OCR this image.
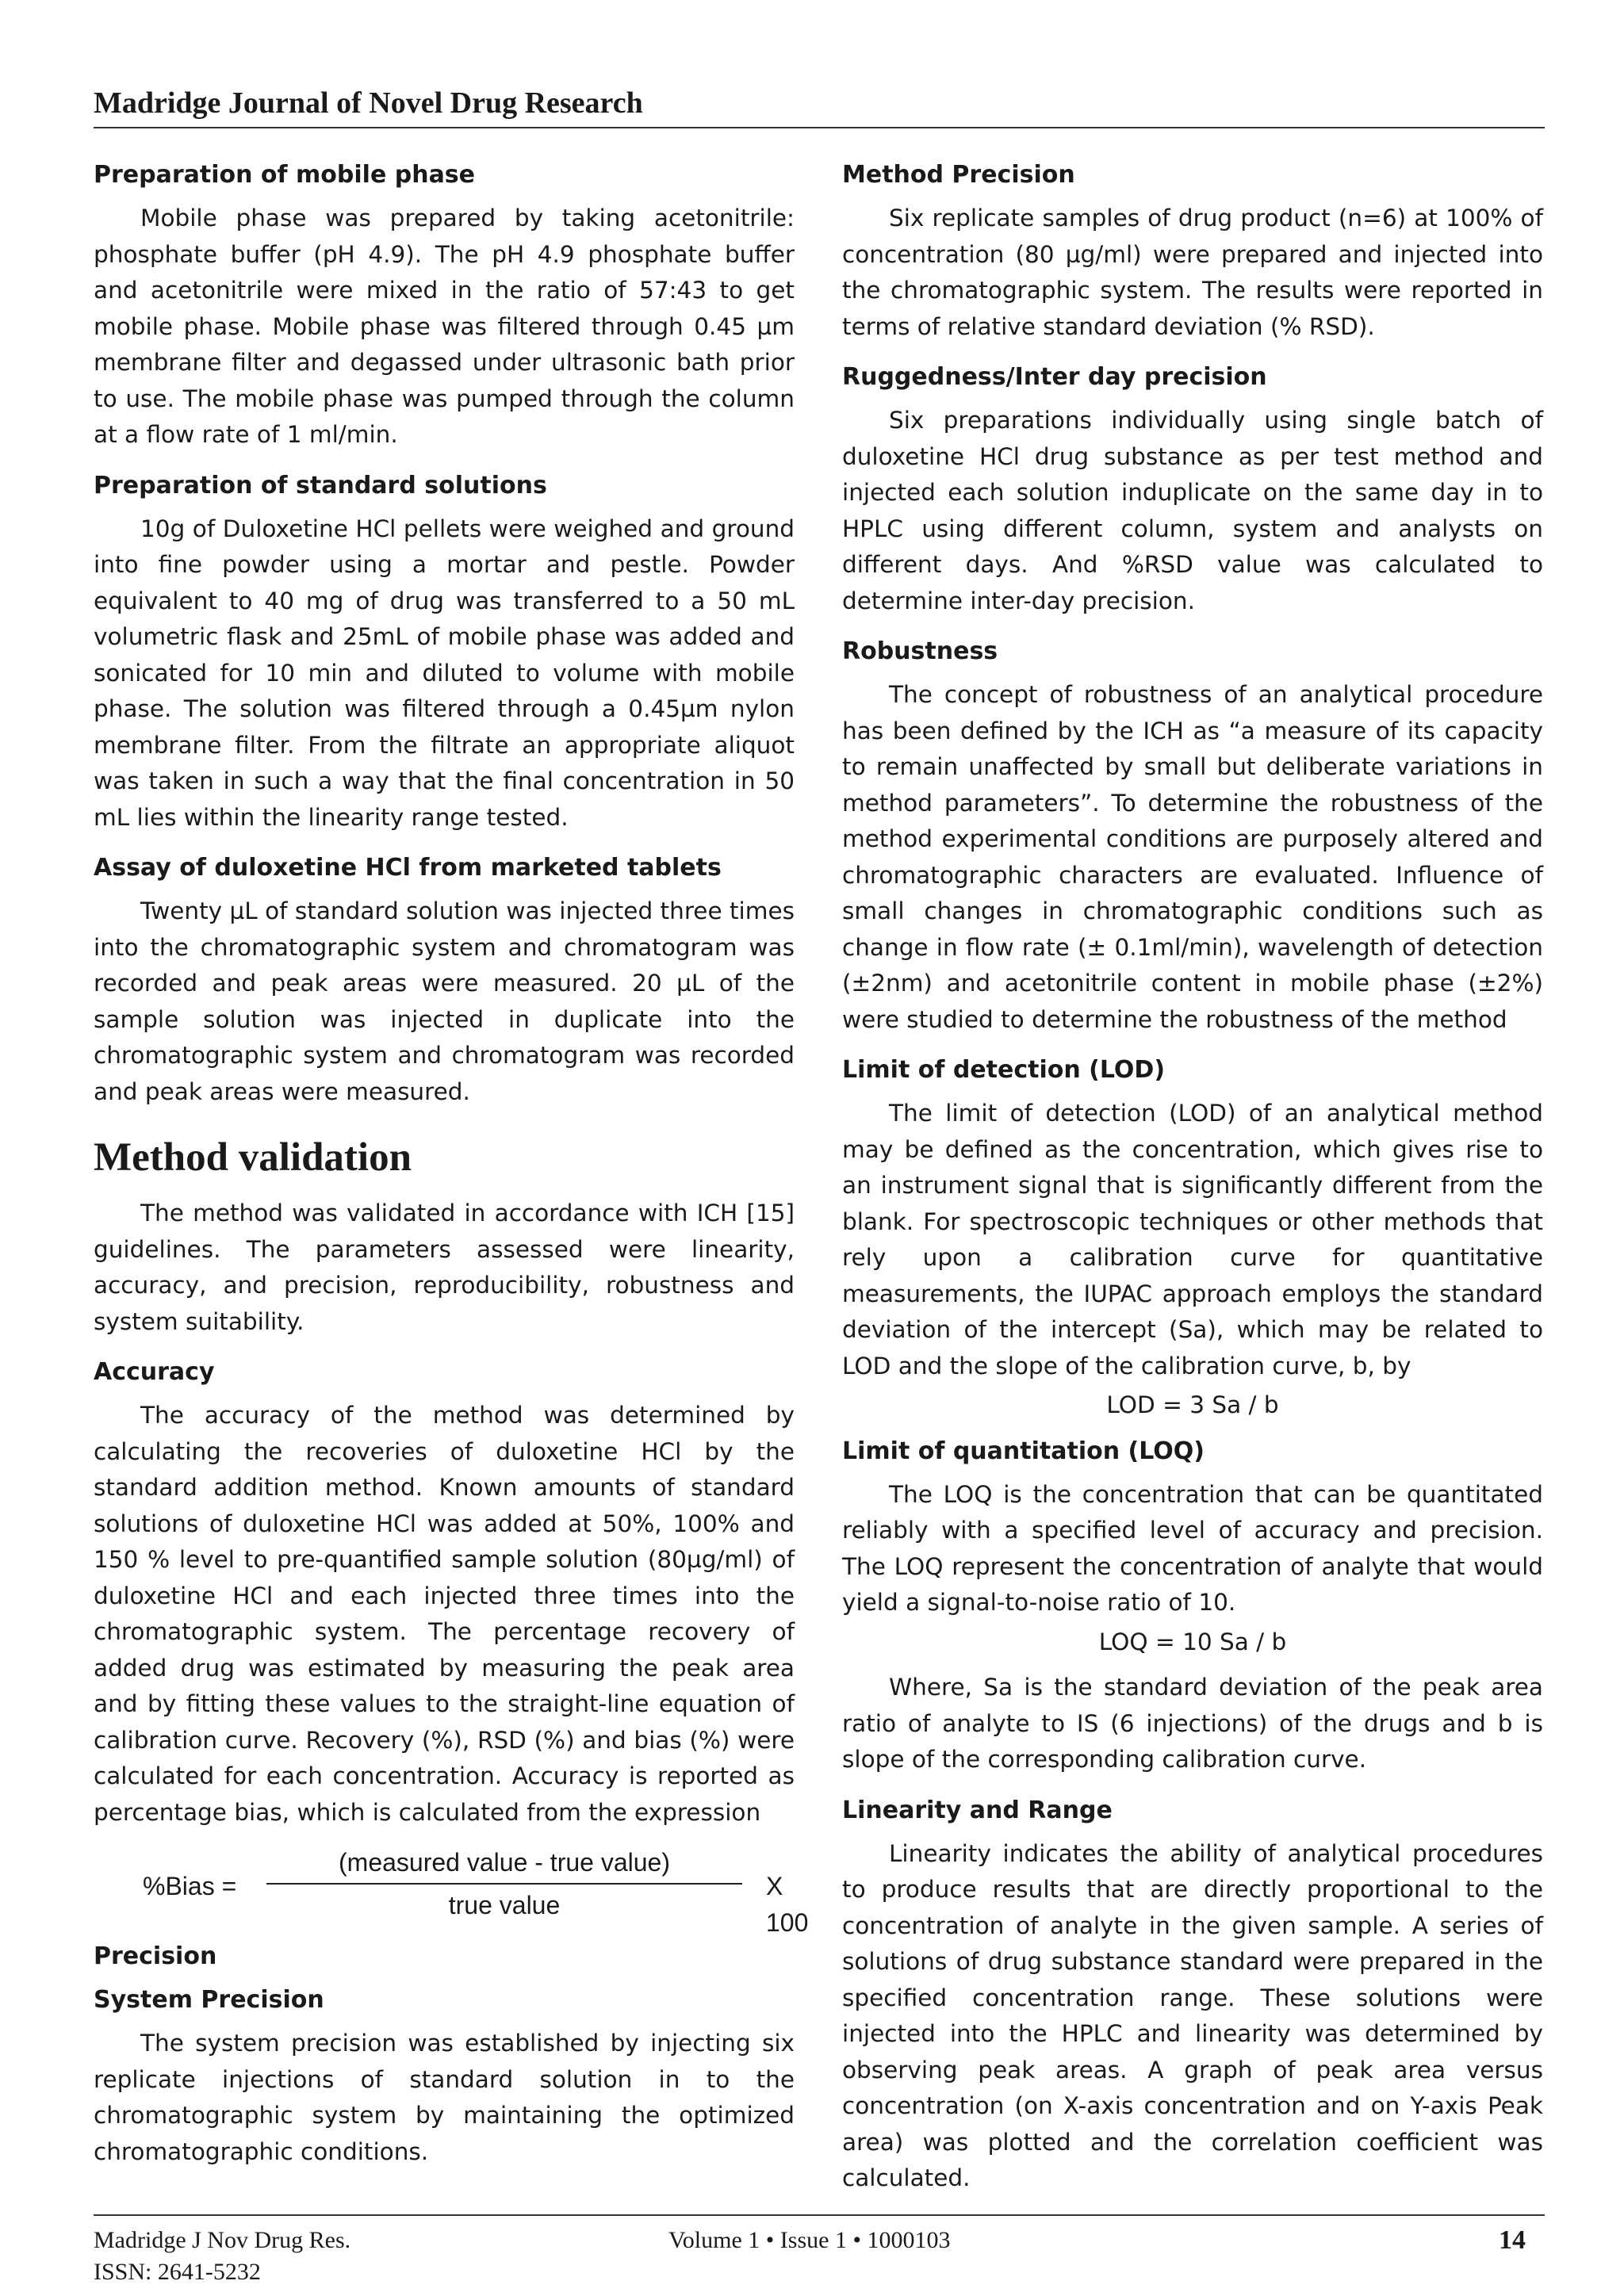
Madridge Journal of Novel Drug Research
Preparation of mobile phase

Mobile phase was prepared by taking acetonitrile: phosphate buffer (pH 4.9). The pH 4.9 phosphate buffer and acetonitrile were mixed in the ratio of 57:43 to get mobile phase. Mobile phase was filtered through 0.45 µm membrane filter and degassed under ultrasonic bath prior to use. The mobile phase was pumped through the column at a flow rate of 1 ml/min.

Preparation of standard solutions

10g of Duloxetine HCl pellets were weighed and ground into fine powder using a mortar and pestle. Powder equivalent to 40 mg of drug was transferred to a 50 mL volumetric flask and 25mL of mobile phase was added and sonicated for 10 min and diluted to volume with mobile phase. The solution was filtered through a 0.45µm nylon membrane filter. From the filtrate an appropriate aliquot was taken in such a way that the final concentration in 50 mL lies within the linearity range tested.

Assay of duloxetine HCl from marketed tablets

Twenty µL of standard solution was injected three times into the chromatographic system and chromatogram was recorded and peak areas were measured. 20 µL of the sample solution was injected in duplicate into the chromatographic system and chromatogram was recorded and peak areas were measured.

Method validation

The method was validated in accordance with ICH [15] guidelines. The parameters assessed were linearity, accuracy, and precision, reproducibility, robustness and system suitability.

Accuracy

The accuracy of the method was determined by calculating the recoveries of duloxetine HCl by the standard addition method. Known amounts of standard solutions of duloxetine HCl was added at 50%, 100% and 150 % level to pre-quantified sample solution (80µg/ml) of duloxetine HCl and each injected three times into the chromatographic system. The percentage recovery of added drug was estimated by measuring the peak area and by fitting these values to the straight-line equation of calibration curve. Recovery (%), RSD (%) and bias (%) were calculated for each concentration. Accuracy is reported as percentage bias, which is calculated from the expression

%Bias =
(measured value - true value)
true value
X 100
Precision
System Precision

The system precision was established by injecting six replicate injections of standard solution in to the chromatographic system by maintaining the optimized chromatographic conditions.

Method Precision

Six replicate samples of drug product (n=6) at 100% of concentration (80 µg/ml) were prepared and injected into the chromatographic system. The results were reported in terms of relative standard deviation (% RSD).

Ruggedness/Inter day precision

Six preparations individually using single batch of duloxetine HCl drug substance as per test method and injected each solution induplicate on the same day in to HPLC using different column, system and analysts on different days. And %RSD value was calculated to determine inter-day precision.

Robustness

The concept of robustness of an analytical procedure has been defined by the ICH as “a measure of its capacity to remain unaffected by small but deliberate variations in method parameters”. To determine the robustness of the method experimental conditions are purposely altered and chromatographic characters are evaluated. Influence of small changes in chromatographic conditions such as change in flow rate (± 0.1ml/min), wavelength of detection (±2nm) and acetonitrile content in mobile phase (±2%) were studied to determine the robustness of the method

Limit of detection (LOD)

The limit of detection (LOD) of an analytical method may be defined as the concentration, which gives rise to an instrument signal that is significantly different from the blank. For spectroscopic techniques or other methods that rely upon a calibration curve for quantitative measurements, the IUPAC approach employs the standard deviation of the intercept (Sa), which may be related to LOD and the slope of the calibration curve, b, by

LOD = 3 Sa / b
Limit of quantitation (LOQ)

The LOQ is the concentration that can be quantitated reliably with a specified level of accuracy and precision. The LOQ represent the concentration of analyte that would yield a signal-to-noise ratio of 10.

LOQ = 10 Sa / b

Where, Sa is the standard deviation of the peak area ratio of analyte to IS (6 injections) of the drugs and b is slope of the corresponding calibration curve.

Linearity and Range

Linearity indicates the ability of analytical procedures to produce results that are directly proportional to the concentration of analyte in the given sample. A series of solutions of drug substance standard were prepared in the specified concentration range. These solutions were injected into the HPLC and linearity was determined by observing peak areas. A graph of peak area versus concentration (on X-axis concentration and on Y-axis Peak area) was plotted and the correlation coefficient was calculated.

Madridge J Nov Drug Res.
ISSN: 2641-5232
Volume 1 • Issue 1 • 1000103	14
